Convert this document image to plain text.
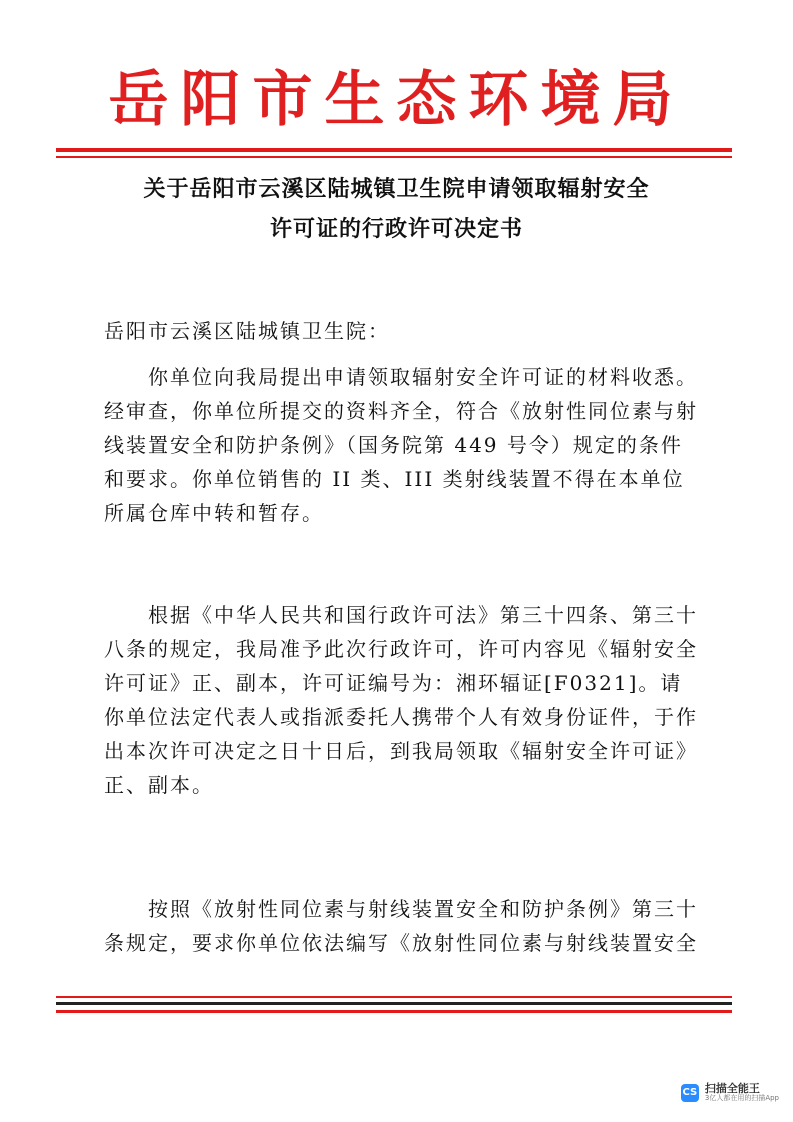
岳阳市生态环境局
关于岳阳市云溪区陆城镇卫生院申请领取辐射安全
许可证的行政许可决定书
岳阳市云溪区陆城镇卫生院：
你单位向我局提出申请领取辐射安全许可证的材料收悉。经审查，你单位所提交的资料齐全，符合《放射性同位素与射线装置安全和防护条例》（国务院第 449 号令）规定的条件和要求。你单位销售的 II 类、III 类射线装置不得在本单位所属仓库中转和暂存。
根据《中华人民共和国行政许可法》第三十四条、第三十八条的规定，我局准予此次行政许可，许可内容见《辐射安全许可证》正、副本，许可证编号为：湘环辐证[F0321]。请你单位法定代表人或指派委托人携带个人有效身份证件，于作出本次许可决定之日十日后，到我局领取《辐射安全许可证》正、副本。
按照《放射性同位素与射线装置安全和防护条例》第三十条规定，要求你单位依法编写《放射性同位素与射线装置安全
CS 扫描全能王
3亿人都在用的扫描App
